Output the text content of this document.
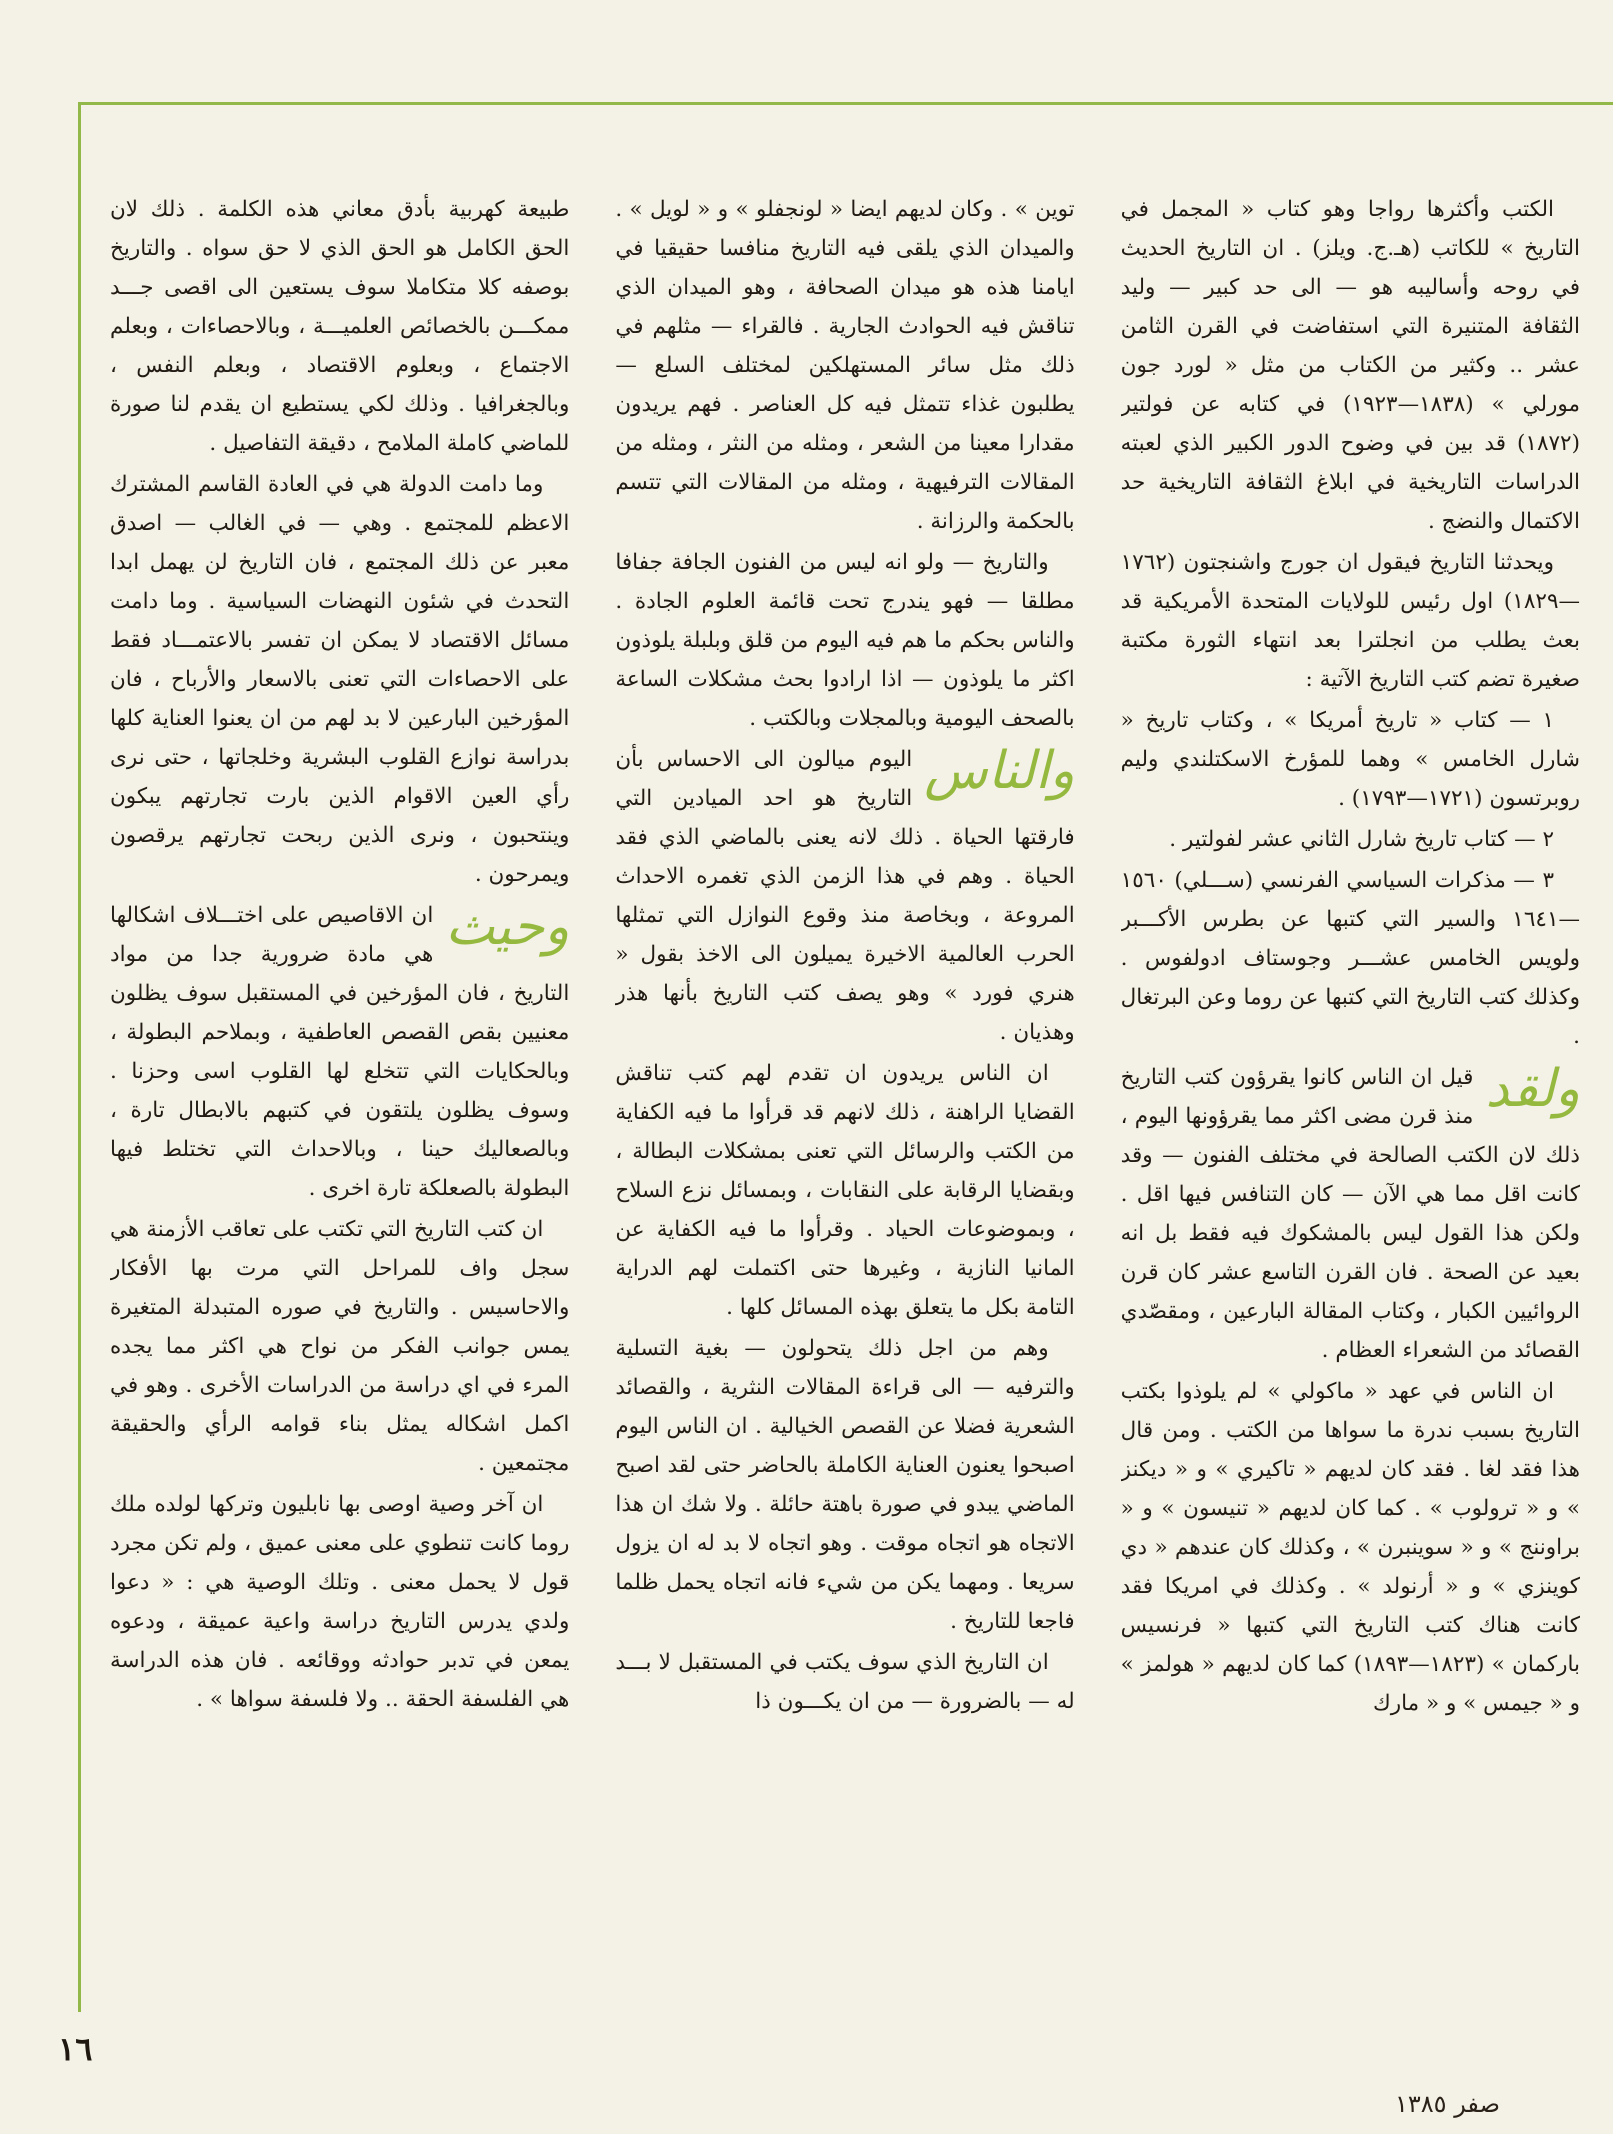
الكتب وأكثرها رواجا وهو كتاب « المجمل في التاريخ » للكاتب (هـ.ج. ويلز) . ان التاريخ الحديث في روحه وأساليبه هو — الى حد كبير — وليد الثقافة المتنيرة التي استفاضت في القرن الثامن عشر .. وكثير من الكتاب من مثل « لورد جون مورلي » (١٨٣٨—١٩٢٣) في كتابه عن فولتير (١٨٧٢) قد بين في وضوح الدور الكبير الذي لعبته الدراسات التاريخية في ابلاغ الثقافة التاريخية حد الاكتمال والنضج .

ويحدثنا التاريخ فيقول ان جورج واشنجتون (١٧٦٢—١٨٢٩) اول رئيس للولايات المتحدة الأمريكية قد بعث يطلب من انجلترا بعد انتهاء الثورة مكتبة صغيرة تضم كتب التاريخ الآتية :

١ — كتاب « تاريخ أمريكا » ، وكتاب تاريخ « شارل الخامس » وهما للمؤرخ الاسكتلندي وليم روبرتسون (١٧٢١—١٧٩٣) .

٢ — كتاب تاريخ شارل الثاني عشر لفولتير .

٣ — مذكرات السياسي الفرنسي (ســـلي) ١٥٦٠—١٦٤١ والسير التي كتبها عن بطرس الأكـــبر ولويس الخامس عشـــر وجوستاف ادولفوس . وكذلك كتب التاريخ التي كتبها عن روما وعن البرتغال .

ولقد
قيل ان الناس كانوا يقرؤون كتب التاريخ منذ قرن مضى اكثر مما يقرؤونها اليوم ، ذلك لان الكتب الصالحة في مختلف الفنون — وقد كانت اقل مما هي الآن — كان التنافس فيها اقل . ولكن هذا القول ليس بالمشكوك فيه فقط بل انه بعيد عن الصحة . فان القرن التاسع عشر كان قرن الروائيين الكبار ، وكتاب المقالة البارعين ، ومقصّدي القصائد من الشعراء العظام .

ان الناس في عهد « ماكولي » لم يلوذوا بكتب التاريخ بسبب ندرة ما سواها من الكتب . ومن قال هذا فقد لغا . فقد كان لديهم « تاكيري » و « ديكنز » و « ترولوب » . كما كان لديهم « تنيسون » و « براوننج » و « سوينبرن » ، وكذلك كان عندهم « دي كوينزي » و « أرنولد » . وكذلك في امريكا فقد كانت هناك كتب التاريخ التي كتبها « فرنسيس باركمان » (١٨٢٣—١٨٩٣) كما كان لديهم « هولمز » و « جيمس » و « مارك

توين » . وكان لديهم ايضا « لونجفلو » و « لويل » . والميدان الذي يلقى فيه التاريخ منافسا حقيقيا في ايامنا هذه هو ميدان الصحافة ، وهو الميدان الذي تناقش فيه الحوادث الجارية . فالقراء — مثلهم في ذلك مثل سائر المستهلكين لمختلف السلع — يطلبون غذاء تتمثل فيه كل العناصر . فهم يريدون مقدارا معينا من الشعر ، ومثله من النثر ، ومثله من المقالات الترفيهية ، ومثله من المقالات التي تتسم بالحكمة والرزانة .

والتاريخ — ولو انه ليس من الفنون الجافة جفافا مطلقا — فهو يندرج تحت قائمة العلوم الجادة . والناس بحكم ما هم فيه اليوم من قلق وبلبلة يلوذون اكثر ما يلوذون — اذا ارادوا بحث مشكلات الساعة بالصحف اليومية وبالمجلات وبالكتب .

والناس
اليوم ميالون الى الاحساس بأن التاريخ هو احد الميادين التي فارقتها الحياة . ذلك لانه يعنى بالماضي الذي فقد الحياة . وهم في هذا الزمن الذي تغمره الاحداث المروعة ، وبخاصة منذ وقوع النوازل التي تمثلها الحرب العالمية الاخيرة يميلون الى الاخذ بقول « هنري فورد » وهو يصف كتب التاريخ بأنها هذر وهذيان .

ان الناس يريدون ان تقدم لهم كتب تناقش القضايا الراهنة ، ذلك لانهم قد قرأوا ما فيه الكفاية من الكتب والرسائل التي تعنى بمشكلات البطالة ، وبقضايا الرقابة على النقابات ، وبمسائل نزع السلاح ، وبموضوعات الحياد . وقرأوا ما فيه الكفاية عن المانيا النازية ، وغيرها حتى اكتملت لهم الدراية التامة بكل ما يتعلق بهذه المسائل كلها .

وهم من اجل ذلك يتحولون — بغية التسلية والترفيه — الى قراءة المقالات النثرية ، والقصائد الشعرية فضلا عن القصص الخيالية . ان الناس اليوم اصبحوا يعنون العناية الكاملة بالحاضر حتى لقد اصبح الماضي يبدو في صورة باهتة حائلة . ولا شك ان هذا الاتجاه هو اتجاه موقت . وهو اتجاه لا بد له ان يزول سريعا . ومهما يكن من شيء فانه اتجاه يحمل ظلما فاجعا للتاريخ .

ان التاريخ الذي سوف يكتب في المستقبل لا بـــد له — بالضرورة — من ان يكـــون ذا

طبيعة كهربية بأدق معاني هذه الكلمة . ذلك لان الحق الكامل هو الحق الذي لا حق سواه . والتاريخ بوصفه كلا متكاملا سوف يستعين الى اقصى جـــد ممكـــن بالخصائص العلميـــة ، وبالاحصاءات ، وبعلم الاجتماع ، وبعلوم الاقتصاد ، وبعلم النفس ، وبالجغرافيا . وذلك لكي يستطيع ان يقدم لنا صورة للماضي كاملة الملامح ، دقيقة التفاصيل .

وما دامت الدولة هي في العادة القاسم المشترك الاعظم للمجتمع . وهي — في الغالب — اصدق معبر عن ذلك المجتمع ، فان التاريخ لن يهمل ابدا التحدث في شئون النهضات السياسية . وما دامت مسائل الاقتصاد لا يمكن ان تفسر بالاعتمـــاد فقط على الاحصاءات التي تعنى بالاسعار والأرباح ، فان المؤرخين البارعين لا بد لهم من ان يعنوا العناية كلها بدراسة نوازع القلوب البشرية وخلجاتها ، حتى نرى رأي العين الاقوام الذين بارت تجارتهم يبكون وينتحبون ، ونرى الذين ربحت تجارتهم يرقصون ويمرحون .

وحيث
ان الاقاصيص على اختـــلاف اشكالها هي مادة ضرورية جدا من مواد التاريخ ، فان المؤرخين في المستقبل سوف يظلون معنيين بقص القصص العاطفية ، وبملاحم البطولة ، وبالحكايات التي تتخلع لها القلوب اسى وحزنا . وسوف يظلون يلتقون في كتبهم بالابطال تارة ، وبالصعاليك حينا ، وبالاحداث التي تختلط فيها البطولة بالصعلكة تارة اخرى .

ان كتب التاريخ التي تكتب على تعاقب الأزمنة هي سجل واف للمراحل التي مرت بها الأفكار والاحاسيس . والتاريخ في صوره المتبدلة المتغيرة يمس جوانب الفكر من نواح هي اكثر مما يجده المرء في اي دراسة من الدراسات الأخرى . وهو في اكمل اشكاله يمثل بناء قوامه الرأي والحقيقة مجتمعين .

ان آخر وصية اوصى بها نابليون وتركها لولده ملك روما كانت تنطوي على معنى عميق ، ولم تكن مجرد قول لا يحمل معنى . وتلك الوصية هي : « دعوا ولدي يدرس التاريخ دراسة واعية عميقة ، ودعوه يمعن في تدبر حوادثه ووقائعه . فان هذه الدراسة هي الفلسفة الحقة .. ولا فلسفة سواها » .

١٦
صفر ١٣٨٥
